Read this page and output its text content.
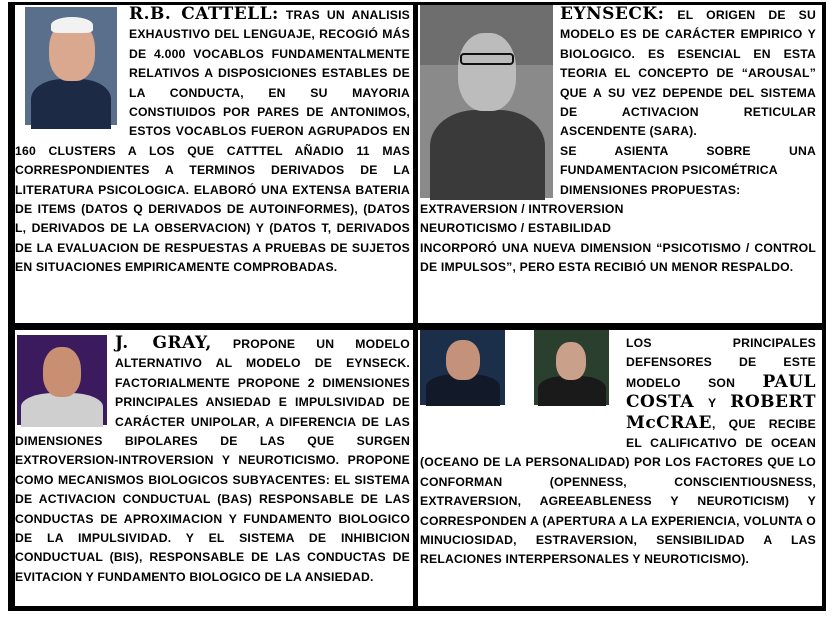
R.B. CATTELL: TRAS UN ANALISIS EXHAUSTIVO DEL LENGUAJE, RECOGIÓ MÁS DE 4.000 VOCABLOS FUNDAMENTALMENTE RELATIVOS A DISPOSICIONES ESTABLES DE LA CONDUCTA, EN SU MAYORIA CONSTIUIDOS POR PARES DE ANTONIMOS, ESTOS VOCABLOS FUERON AGRUPADOS EN 160 CLUSTERS A LOS QUE CATTTEL AÑADIO 11 MAS CORRESPONDIENTES A TERMINOS DERIVADOS DE LA LITERATURA PSICOLOGICA. ELABORÓ UNA EXTENSA BATERIA DE ITEMS (DATOS Q DERIVADOS DE AUTOINFORMES), (DATOS L, DERIVADOS DE LA OBSERVACION) Y (DATOS T, DERIVADOS DE LA EVALUACION DE RESPUESTAS A PRUEBAS DE SUJETOS EN SITUACIONES EMPIRICAMENTE COMPROBADAS.
EYNSECK: EL ORIGEN DE SU MODELO ES DE CARÁCTER EMPIRICO Y BIOLOGICO. ES ESENCIAL EN ESTA TEORIA EL CONCEPTO DE “AROUSAL” QUE A SU VEZ DEPENDE DEL SISTEMA DE ACTIVACION RETICULAR ASCENDENTE (SARA).
SE ASIENTA SOBRE UNA FUNDAMENTACION PSICOMÉTRICA
DIMENSIONES PROPUESTAS:
EXTRAVERSION / INTROVERSION
NEUROTICISMO / ESTABILIDAD
INCORPORÓ UNA NUEVA DIMENSION “PSICOTISMO / CONTROL DE IMPULSOS”, PERO ESTA RECIBIÓ UN MENOR RESPALDO.
J. GRAY, PROPONE UN MODELO ALTERNATIVO AL MODELO DE EYNSECK. FACTORIALMENTE PROPONE 2 DIMENSIONES PRINCIPALES ANSIEDAD E IMPULSIVIDAD DE CARÁCTER UNIPOLAR, A DIFERENCIA DE LAS DIMENSIONES BIPOLARES DE LAS QUE SURGEN EXTROVERSION-INTROVERSION Y NEUROTICISMO. PROPONE COMO MECANISMOS BIOLOGICOS SUBYACENTES: EL SISTEMA DE ACTIVACION CONDUCTUAL (BAS) RESPONSABLE DE LAS CONDUCTAS DE APROXIMACION Y FUNDAMENTO BIOLOGICO DE LA IMPULSIVIDAD. Y EL SISTEMA DE INHIBICION CONDUCTUAL (BIS), RESPONSABLE DE LAS CONDUCTAS DE EVITACION Y FUNDAMENTO BIOLOGICO DE LA ANSIEDAD.
LOS PRINCIPALES DEFENSORES DE ESTE MODELO SON PAUL COSTA Y ROBERT McCRAE, QUE RECIBE EL CALIFICATIVO DE OCEAN (OCEANO DE LA PERSONALIDAD) POR LOS FACTORES QUE LO CONFORMAN (OPENNESS, CONSCIENTIOUSNESS, EXTRAVERSION, AGREEABLENESS Y NEUROTICISM) Y CORRESPONDEN A (APERTURA A LA EXPERIENCIA, VOLUNTA O MINUCIOSIDAD, ESTRAVERSION, SENSIBILIDAD A LAS RELACIONES INTERPERSONALES Y NEUROTICISMO).
